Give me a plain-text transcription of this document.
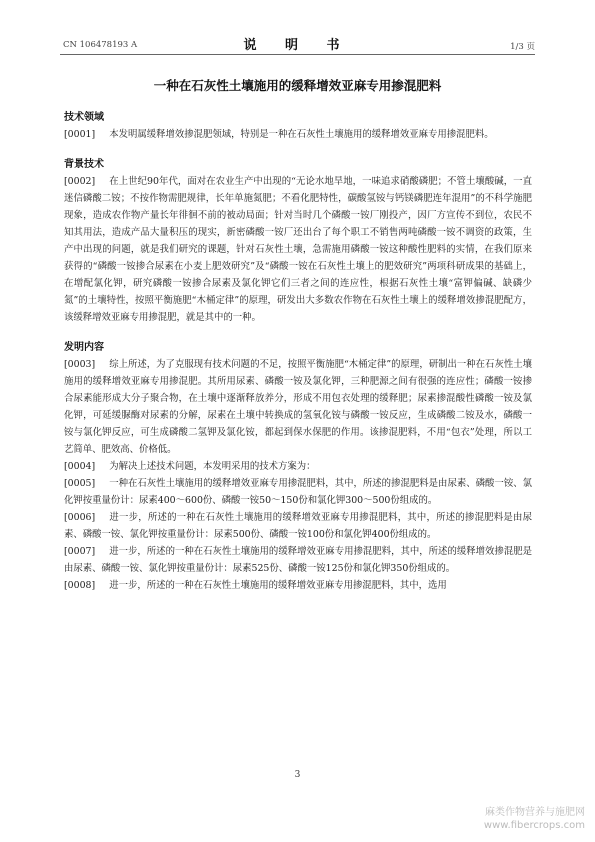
CN 106478193 A	说 明 书	1/3 页
一种在石灰性土壤施用的缓释增效亚麻专用掺混肥料

技术领域

[0001] 本发明属缓释增效掺混肥领域，特别是一种在石灰性土壤施用的缓释增效亚麻专用掺混肥料。

背景技术

[0002] 在上世纪90年代，面对在农业生产中出现的“无论水地旱地，一味追求硝酸磷肥；不管土壤酸碱，一直迷信磷酸二铵；不按作物需肥规律，长年单施氮肥；不看化肥特性，碳酸氢铵与钙镁磷肥连年混用”的不科学施肥现象，造成农作物产量长年徘徊不前的被动局面；针对当时几个磷酸一铵厂刚投产，因厂方宣传不到位，农民不知其用法，造成产品大量积压的现实，新密磷酸一铵厂还出台了每个职工不销售两吨磷酸一铵不调资的政策，生产中出现的问题，就是我们研究的课题，针对石灰性土壤，急需施用磷酸一铵这种酸性肥料的实情，在我们原来获得的“磷酸一铵掺合尿素在小麦上肥效研究”及“磷酸一铵在石灰性土壤上的肥效研究”两项科研成果的基础上，在增配氯化钾，研究磷酸一铵掺合尿素及氯化钾它们三者之间的连应性，根据石灰性土壤“富钾偏碱、缺磷少氮”的土壤特性，按照平衡施肥“木桶定律”的原理，研发出大多数农作物在石灰性土壤上的缓释增效掺混肥配方，该缓释增效亚麻专用掺混肥，就是其中的一种。

发明内容

[0003] 综上所述，为了克服现有技术问题的不足，按照平衡施肥“木桶定律”的原理，研制出一种在石灰性土壤施用的缓释增效亚麻专用掺混肥。其所用尿素、磷酸一铵及氯化钾，三种肥源之间有很强的连应性；磷酸一铵掺合尿素能形成大分子聚合物，在土壤中逐渐释放养分，形成不用包衣处理的缓释肥；尿素掺混酸性磷酸一铵及氯化钾，可延缓脲酶对尿素的分解，尿素在土壤中转换成的氢氧化铵与磷酸一铵反应，生成磷酸二铵及水，磷酸一铵与氯化钾反应，可生成磷酸二氢钾及氯化铵，都起到保水保肥的作用。该掺混肥料，不用“包衣”处理，所以工艺简单、肥效高、价格低。

[0004] 为解决上述技术问题，本发明采用的技术方案为：

[0005] 一种在石灰性土壤施用的缓释增效亚麻专用掺混肥料，其中，所述的掺混肥料是由尿素、磷酸一铵、氯化钾按重量份计：尿素400～600份、磷酸一铵50～150份和氯化钾300～500份组成的。

[0006] 进一步，所述的一种在石灰性土壤施用的缓释增效亚麻专用掺混肥料，其中，所述的掺混肥料是由尿素、磷酸一铵、氯化钾按重量份计：尿素500份、磷酸一铵100份和氯化钾400份组成的。

[0007] 进一步，所述的一种在石灰性土壤施用的缓释增效亚麻专用掺混肥料，其中，所述的缓释增效掺混肥是由尿素、磷酸一铵、氯化钾按重量份计：尿素525份、磷酸一铵125份和氯化钾350份组成的。

[0008] 进一步，所述的一种在石灰性土壤施用的缓释增效亚麻专用掺混肥料，其中，选用

3
麻类作物营养与施肥网
www.fibercrops.com
